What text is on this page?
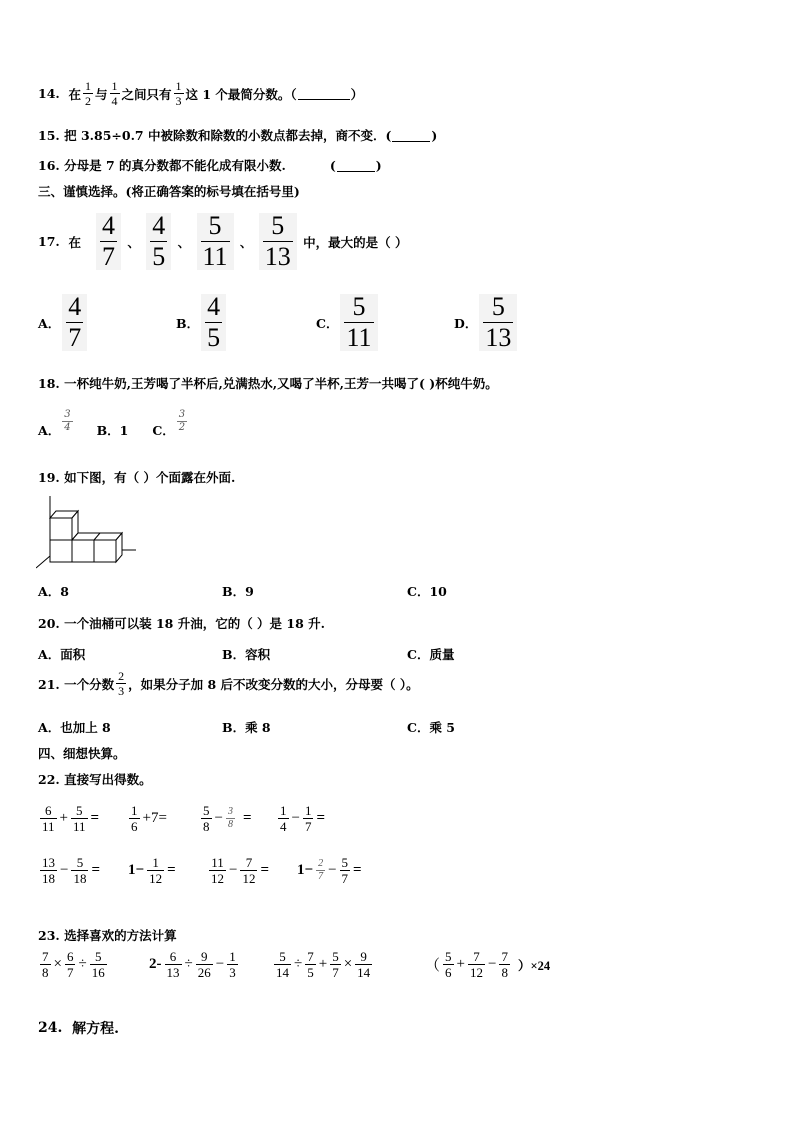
14.
在
1
2 与
1
4 之间只有
1
3 这 1 个最简分数。（	）
15. 把 3.85÷0.7 中被除数和除数的小数点都去掉，商不变．(	)
16. 分母是 7 的真分数都不能化成有限小数.	(	)
三、谨慎选择。(将正确答案的标号填在括号里)
17.
在

4
7
、

4
5
、

5
11
、

5
13
中，最大的是（ ）
A．
4
7	B．
4
5	C．
5
11	D．
5
13
18. 一杯纯牛奶,王芳喝了半杯后,兑满热水,又喝了半杯,王芳一共喝了( )杯纯牛奶。
A．
3
4 B．1 C．
3
2
19. 如下图，有（ ）个面露在外面.
A．8	B．9	C．10
20. 一个油桶可以装 18 升油，它的（ ）是 18 升.
A．面积	B．容积	C．质量
21. 一个分数
2
3 ，如果分子加 8 后不改变分数的大小，分母要（ ）。
A．也加上 8	B．乘 8	C．乘 5
四、细想快算。
22. 直接写出得数。
6
11
+ 5
11
= 1
6
+7=	5
8
− 3
8 = 1
4
− 1
7
=
13
18
− 5
18
= 1− 1
12
=	11
12
− 7
12
= 1− 2
7 − 5
7
=
23. 选择喜欢的方法计算
7
8
× 6
7
÷ 5
16
2- 6
13
÷ 9
26
− 1
3
5
14
÷ 7
5
+ 5
7
× 9
14	（
5
6
+ 7
12
− 7
8 ）×24
24.
解方程.
